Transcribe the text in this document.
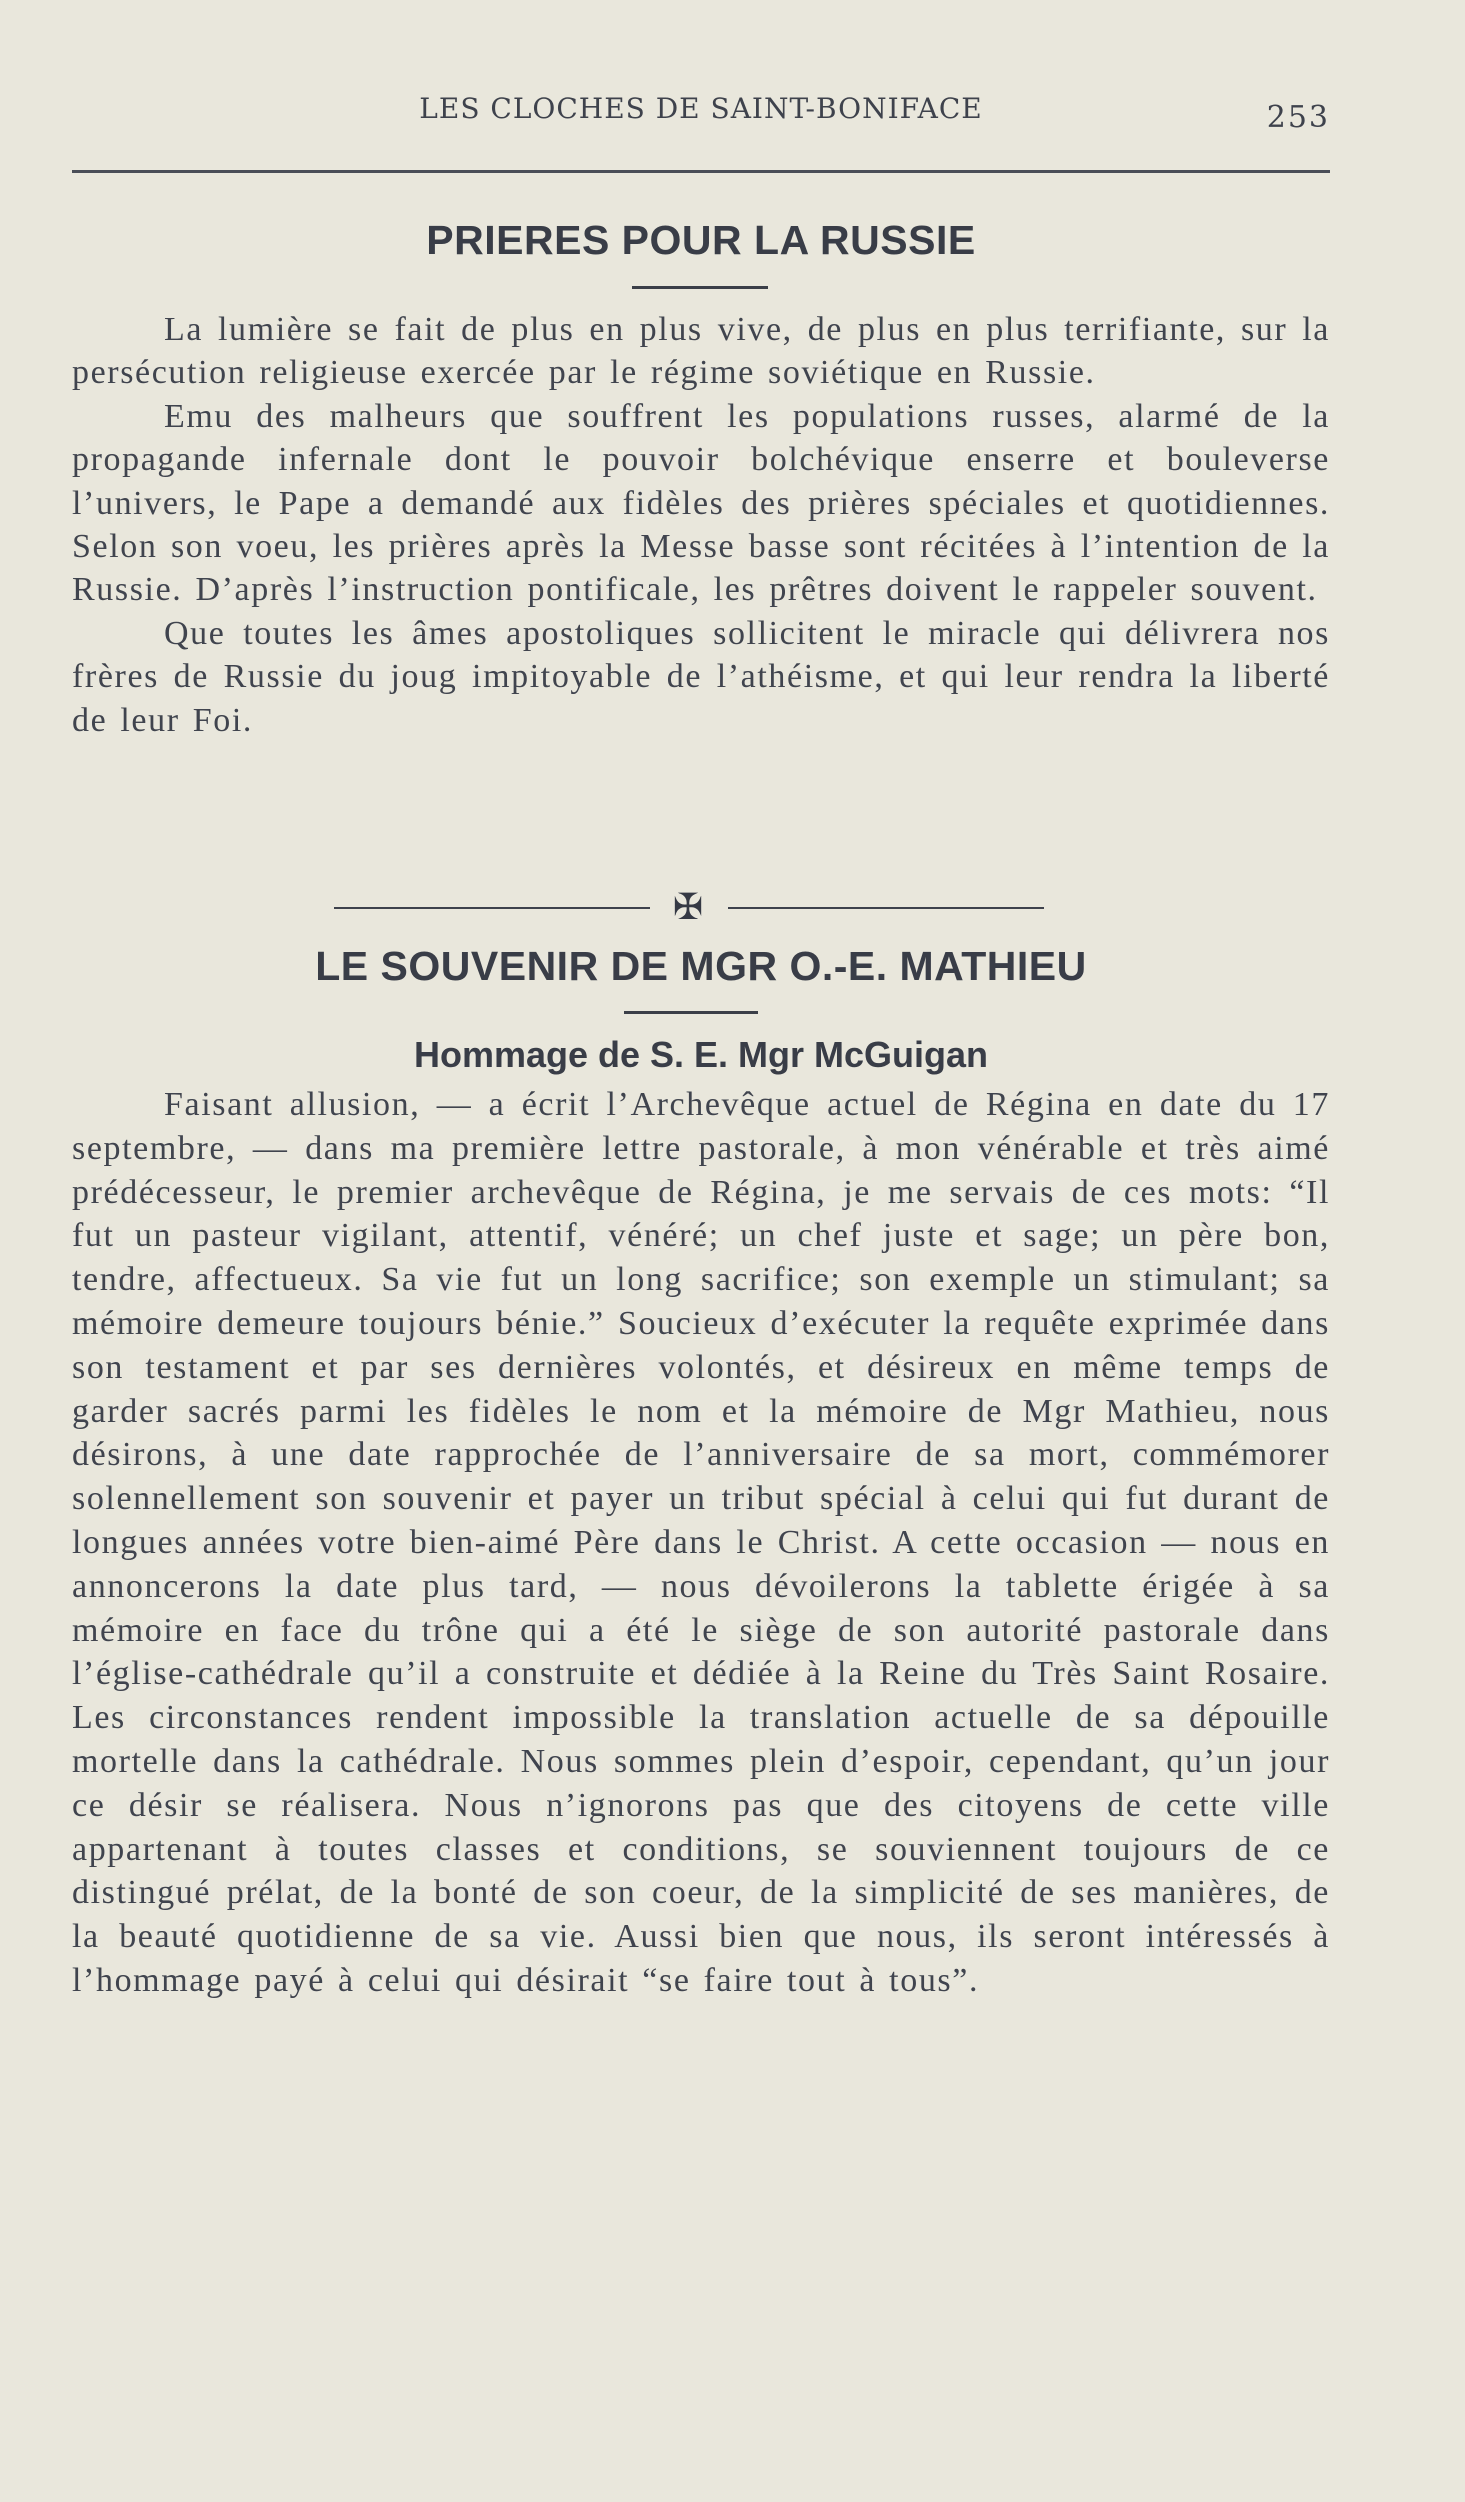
LES CLOCHES DE SAINT-BONIFACE	253
PRIERES POUR LA RUSSIE

La lumière se fait de plus en plus vive, de plus en plus terrifiante, sur la persécution religieuse exercée par le régime soviétique en Russie.

Emu des malheurs que souffrent les populations russes, alarmé de la propagande infernale dont le pouvoir bolchévique enserre et bouleverse l’univers, le Pape a demandé aux fidèles des prières spéciales et quotidiennes. Selon son voeu, les prières après la Messe basse sont récitées à l’intention de la Russie. D’après l’instruction pontificale, les prêtres doivent le rappeler souvent.

Que toutes les âmes apostoliques sollicitent le miracle qui délivrera nos frères de Russie du joug impitoyable de l’athéisme, et qui leur rendra la liberté de leur Foi.

✠
LE SOUVENIR DE MGR O.-E. MATHIEU
Hommage de S. E. Mgr McGuigan

Faisant allusion, — a écrit l’Archevêque actuel de Régina en date du 17 septembre, — dans ma première lettre pastorale, à mon vénérable et très aimé prédécesseur, le premier archevêque de Régina, je me servais de ces mots: “Il fut un pasteur vigilant, attentif, vénéré; un chef juste et sage; un père bon, tendre, affectueux. Sa vie fut un long sacrifice; son exemple un stimulant; sa mémoire demeure toujours bénie.” Soucieux d’exécuter la requête exprimée dans son testament et par ses dernières volontés, et désireux en même temps de garder sacrés parmi les fidèles le nom et la mémoire de Mgr Mathieu, nous désirons, à une date rapprochée de l’anniversaire de sa mort, commémorer solennellement son souvenir et payer un tribut spécial à celui qui fut durant de longues années votre bien-aimé Père dans le Christ. A cette occasion — nous en annoncerons la date plus tard, — nous dévoilerons la tablette érigée à sa mémoire en face du trône qui a été le siège de son autorité pastorale dans l’église-cathédrale qu’il a construite et dédiée à la Reine du Très Saint Rosaire. Les circonstances rendent impossible la translation actuelle de sa dépouille mortelle dans la cathédrale. Nous sommes plein d’espoir, cependant, qu’un jour ce désir se réalisera. Nous n’ignorons pas que des citoyens de cette ville appartenant à toutes classes et conditions, se souviennent toujours de ce distingué prélat, de la bonté de son coeur, de la simplicité de ses manières, de la beauté quotidienne de sa vie. Aussi bien que nous, ils seront intéressés à l’hommage payé à celui qui désirait “se faire tout à tous”.
